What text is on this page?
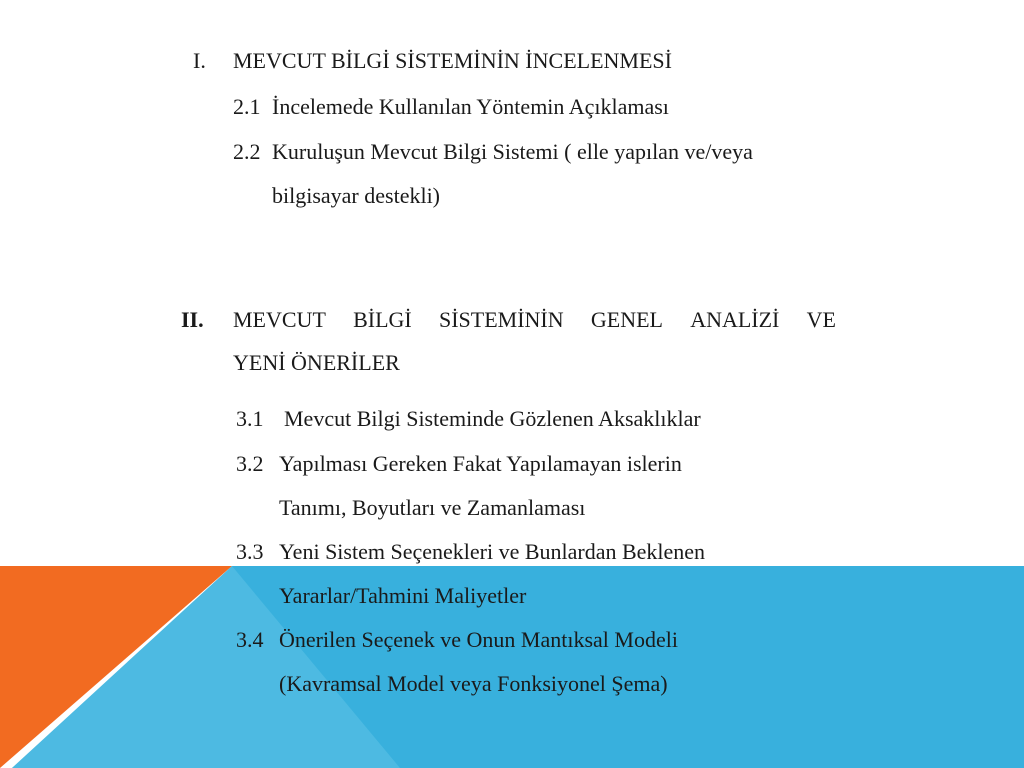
I. MEVCUT BİLGİ SİSTEMİNİN İNCELENMESİ
2.1 İncelemede Kullanılan Yöntemin Açıklaması
2.2 Kuruluşun Mevcut Bilgi Sistemi ( elle yapılan ve/veya
bilgisayar destekli)
II. MEVCUT BİLGİ SİSTEMİNİN GENEL ANALİZİ VE
YENİ ÖNERİLER
3.1 Mevcut Bilgi Sisteminde Gözlenen Aksaklıklar
3.2 Yapılması Gereken Fakat Yapılamayan islerin
Tanımı, Boyutları ve Zamanlaması
3.3 Yeni Sistem Seçenekleri ve Bunlardan Beklenen
Yararlar/Tahmini Maliyetler
3.4 Önerilen Seçenek ve Onun Mantıksal Modeli
(Kavramsal Model veya Fonksiyonel Şema)
